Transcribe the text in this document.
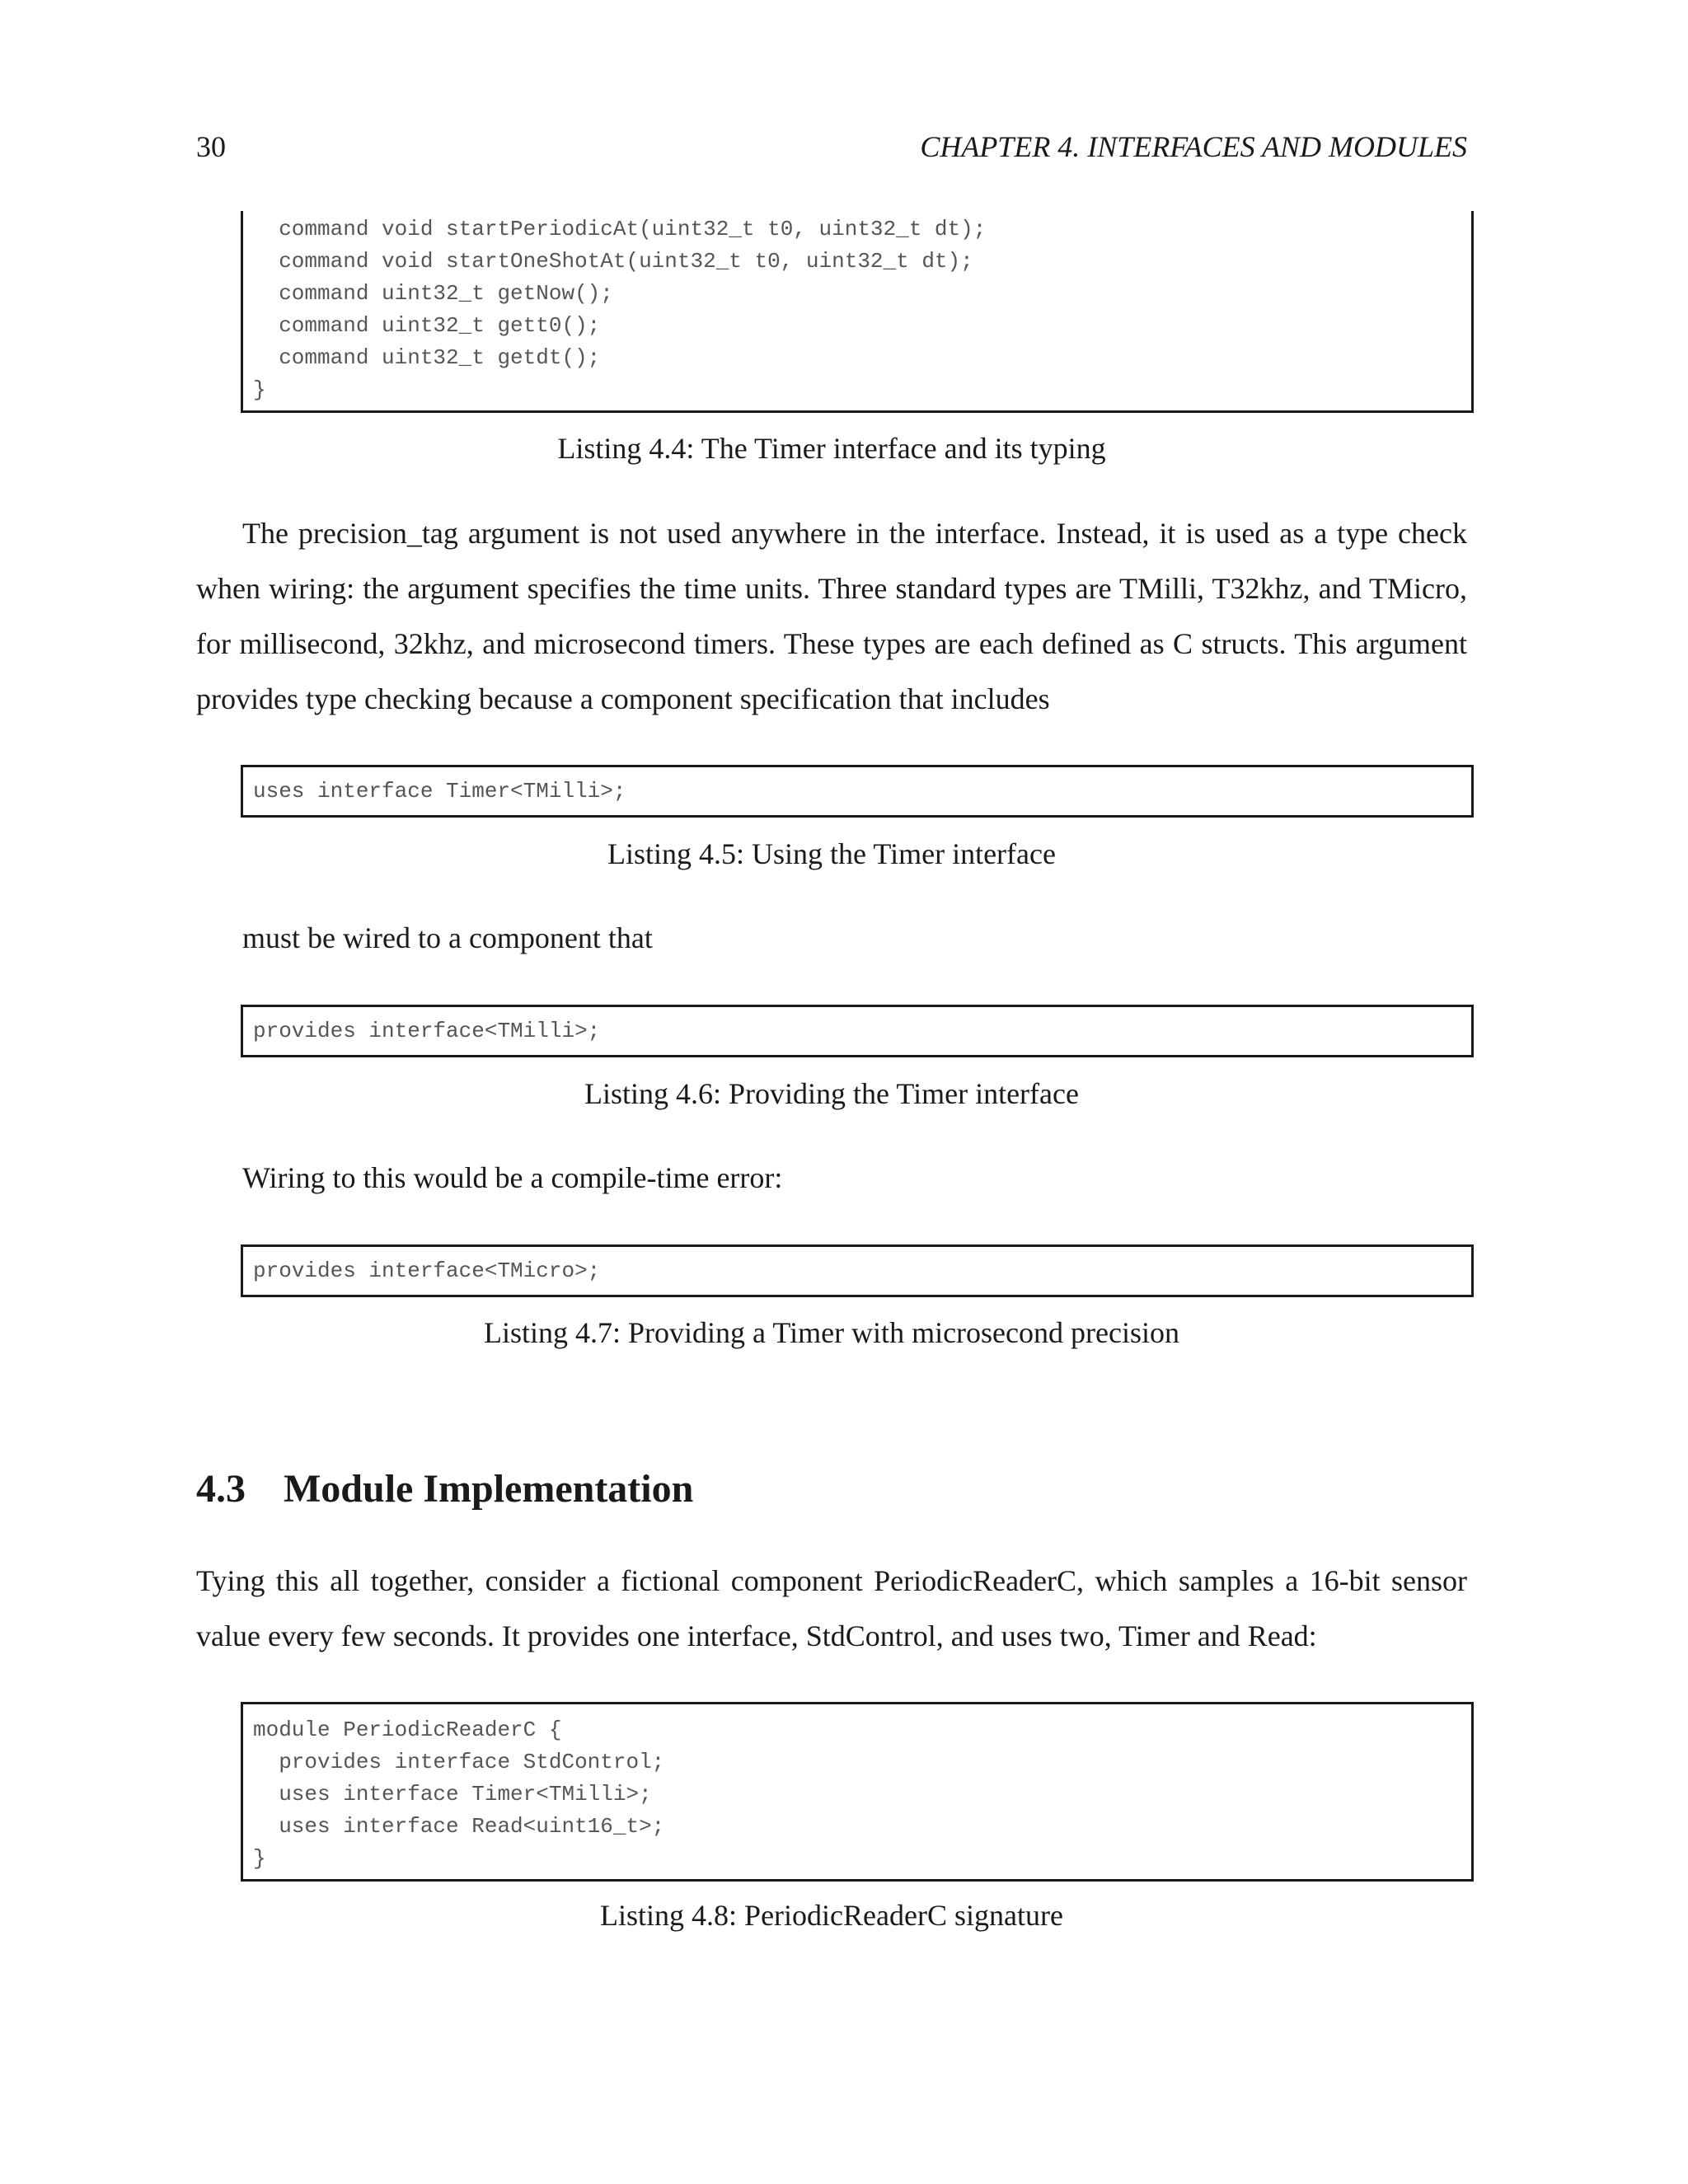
30	CHAPTER 4. INTERFACES AND MODULES
command void startPeriodicAt(uint32_t t0, uint32_t dt);
command void startOneShotAt(uint32_t t0, uint32_t dt);
command uint32_t getNow();
command uint32_t gett0();
command uint32_t getdt();
}
Listing 4.4: The Timer interface and its typing

The precision_tag argument is not used anywhere in the interface. Instead, it is used as a type check when wiring: the argument specifies the time units. Three standard types are TMilli, T32khz, and TMicro, for millisecond, 32khz, and microsecond timers. These types are each defined as C structs. This argument provides type checking because a component specification that includes

uses interface Timer<TMilli>;
Listing 4.5: Using the Timer interface
must be wired to a component that
provides interface<TMilli>;
Listing 4.6: Providing the Timer interface
Wiring to this would be a compile-time error:
provides interface<TMicro>;
Listing 4.7: Providing a Timer with microsecond precision
4.3 Module Implementation

Tying this all together, consider a fictional component PeriodicReaderC, which samples a 16-bit sensor value every few seconds. It provides one interface, StdControl, and uses two, Timer and Read:

module PeriodicReaderC {
provides interface StdControl;
uses interface Timer<TMilli>;
uses interface Read<uint16_t>;
}
Listing 4.8: PeriodicReaderC signature
